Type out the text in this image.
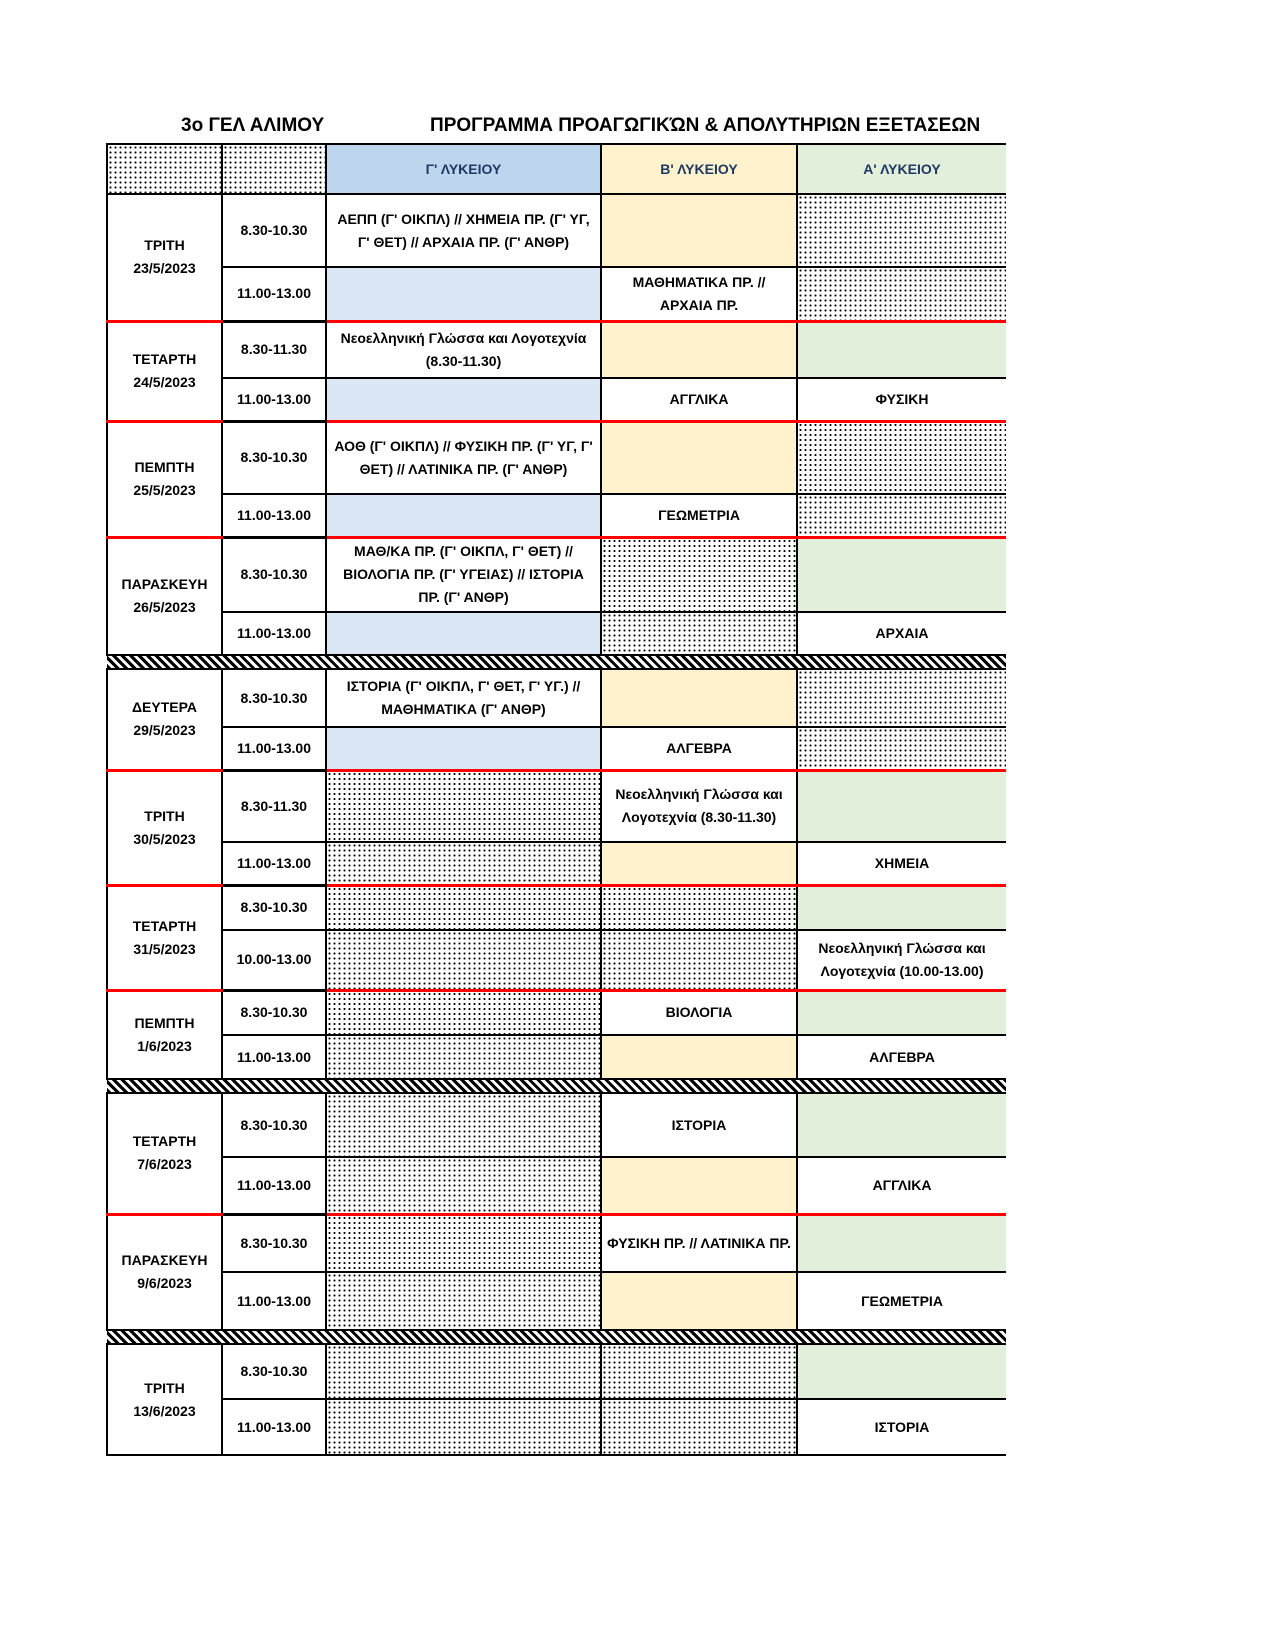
3ο ΓΕΛ ΑΛΙΜΟΥ	ΠΡΟΓΡΑΜΜΑ ΠΡΟΑΓΩΓΙΚΏΝ & ΑΠΟΛΥΤΗΡΙΩΝ ΕΞΕΤΑΣΕΩΝ
		Γ' ΛΥΚΕΙΟΥ	Β' ΛΥΚΕΙΟΥ	Α' ΛΥΚΕΙΟΥ
ΤΡΙΤΗ
23/5/2023	8.30-10.30	ΑΕΠΠ (Γ' ΟΙΚΠΛ) // ΧΗΜΕΙΑ ΠΡ. (Γ' ΥΓ, Γ' ΘΕΤ) // ΑΡΧΑΙΑ ΠΡ. (Γ' ΑΝΘΡ)		
	11.00-13.00		ΜΑΘΗΜΑΤΙΚΑ ΠΡ. // ΑΡΧΑΙΑ ΠΡ.	
ΤΕΤΑΡΤΗ
24/5/2023	8.30-11.30	Νεοελληνική Γλώσσα και Λογοτεχνία (8.30-11.30)		
	11.00-13.00		ΑΓΓΛΙΚΑ	ΦΥΣΙΚΗ
ΠΕΜΠΤΗ
25/5/2023	8.30-10.30	ΑΟΘ (Γ' ΟΙΚΠΛ) // ΦΥΣΙΚΗ ΠΡ. (Γ' ΥΓ, Γ' ΘΕΤ) // ΛΑΤΙΝΙΚΑ ΠΡ. (Γ' ΑΝΘΡ)		
	11.00-13.00		ΓΕΩΜΕΤΡΙΑ	
ΠΑΡΑΣΚΕΥΗ
26/5/2023	8.30-10.30	ΜΑΘ/ΚΑ ΠΡ. (Γ' ΟΙΚΠΛ, Γ' ΘΕΤ) // ΒΙΟΛΟΓΙΑ ΠΡ. (Γ' ΥΓΕΙΑΣ) // ΙΣΤΟΡΙΑ ΠΡ. (Γ' ΑΝΘΡ)		
	11.00-13.00			ΑΡΧΑΙΑ

ΔΕΥΤΕΡΑ
29/5/2023	8.30-10.30	ΙΣΤΟΡΙΑ (Γ' ΟΙΚΠΛ, Γ' ΘΕΤ, Γ' ΥΓ.) // ΜΑΘΗΜΑΤΙΚΑ (Γ' ΑΝΘΡ)		
	11.00-13.00		ΑΛΓΕΒΡΑ	
ΤΡΙΤΗ
30/5/2023	8.30-11.30		Νεοελληνική Γλώσσα και Λογοτεχνία (8.30-11.30)	
	11.00-13.00			ΧΗΜΕΙΑ
ΤΕΤΑΡΤΗ
31/5/2023	8.30-10.30			
	10.00-13.00			Νεοελληνική Γλώσσα και Λογοτεχνία (10.00-13.00)
ΠΕΜΠΤΗ
1/6/2023	8.30-10.30		ΒΙΟΛΟΓΙΑ	
	11.00-13.00			ΑΛΓΕΒΡΑ

ΤΕΤΑΡΤΗ
7/6/2023	8.30-10.30		ΙΣΤΟΡΙΑ	
	11.00-13.00			ΑΓΓΛΙΚΑ
ΠΑΡΑΣΚΕΥΗ
9/6/2023	8.30-10.30		ΦΥΣΙΚΗ ΠΡ. // ΛΑΤΙΝΙΚΑ ΠΡ.	
	11.00-13.00			ΓΕΩΜΕΤΡΙΑ

ΤΡΙΤΗ
13/6/2023	8.30-10.30			
	11.00-13.00			ΙΣΤΟΡΙΑ
